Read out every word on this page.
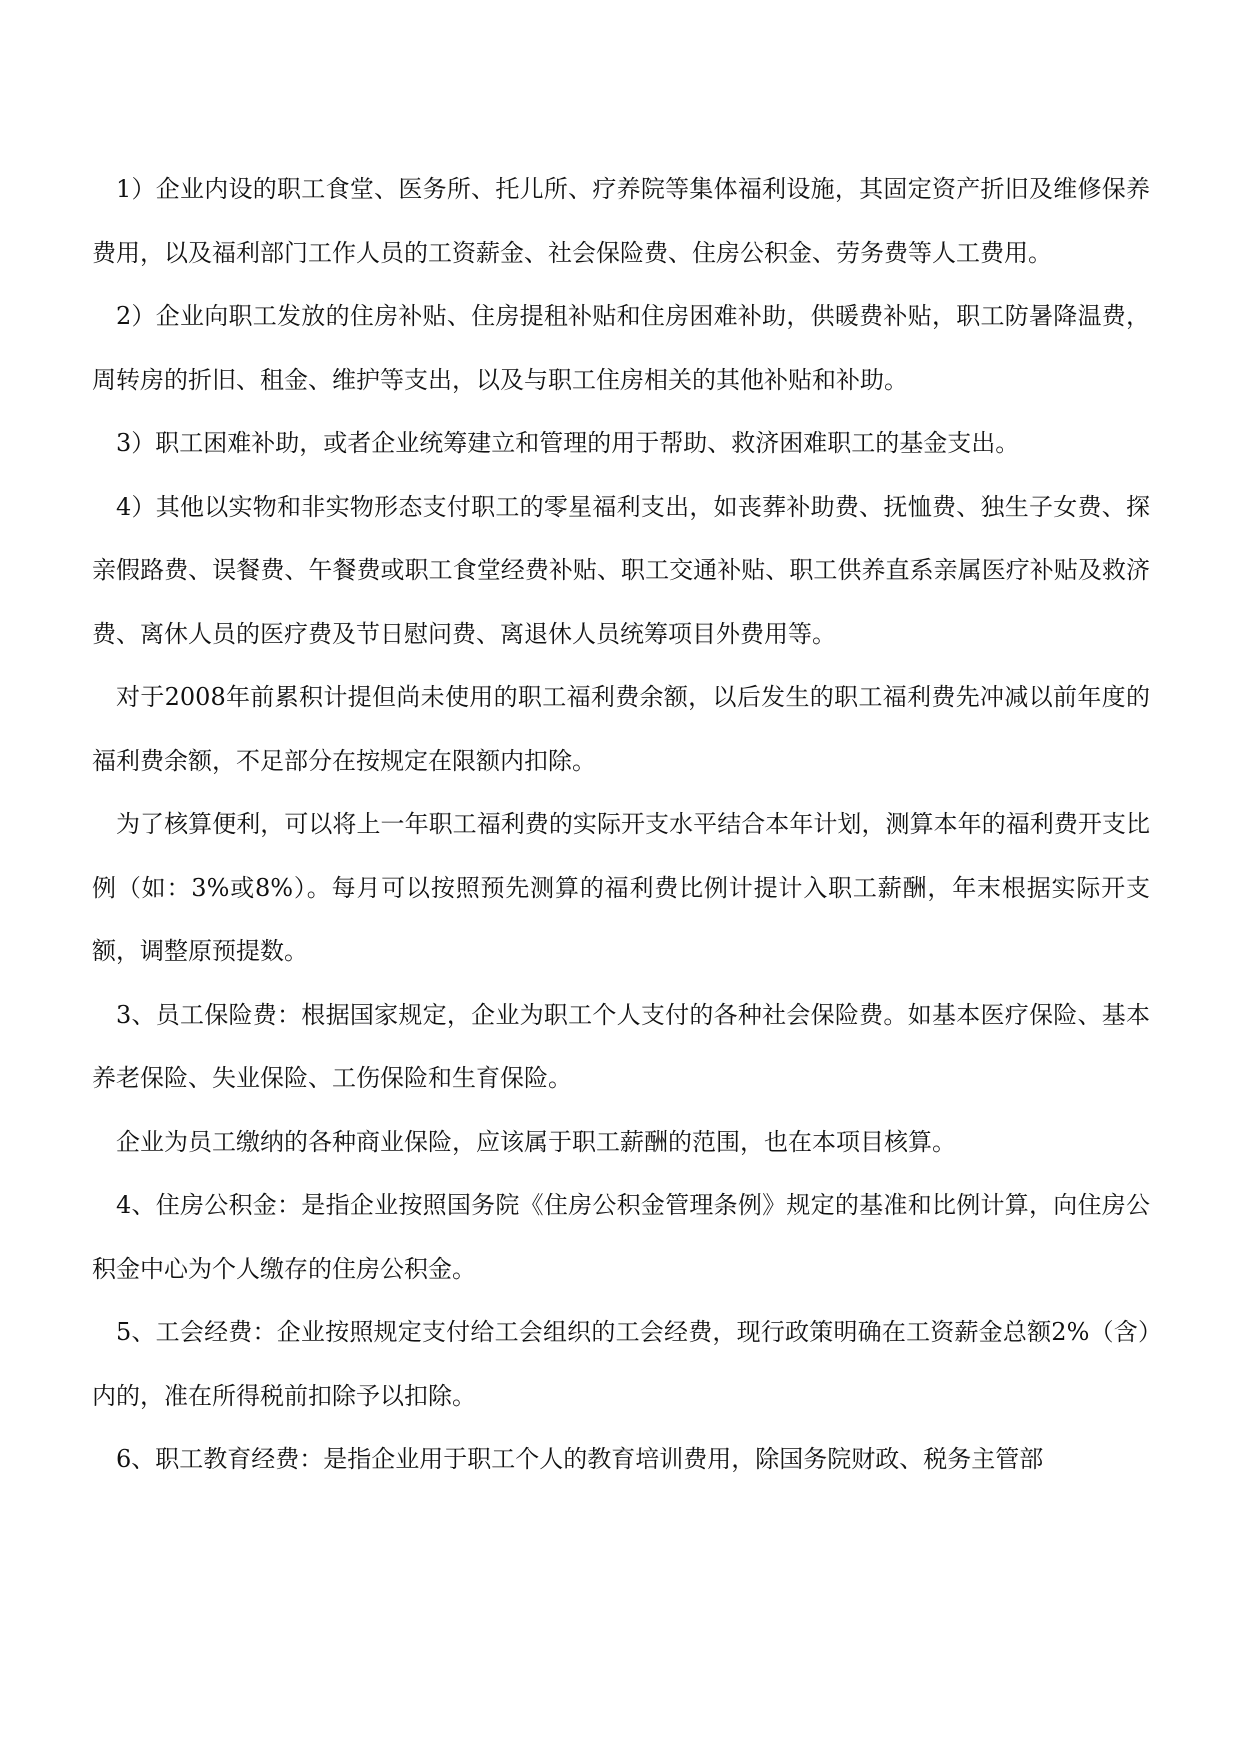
1）企业内设的职工食堂、医务所、托儿所、疗养院等集体福利设施，其固定资产折旧及维修保养费用，以及福利部门工作人员的工资薪金、社会保险费、住房公积金、劳务费等人工费用。

2）企业向职工发放的住房补贴、住房提租补贴和住房困难补助，供暖费补贴，职工防暑降温费，周转房的折旧、租金、维护等支出，以及与职工住房相关的其他补贴和补助。

3）职工困难补助，或者企业统筹建立和管理的用于帮助、救济困难职工的基金支出。

4）其他以实物和非实物形态支付职工的零星福利支出，如丧葬补助费、抚恤费、独生子女费、探亲假路费、误餐费、午餐费或职工食堂经费补贴、职工交通补贴、职工供养直系亲属医疗补贴及救济费、离休人员的医疗费及节日慰问费、离退休人员统筹项目外费用等。

对于2008年前累积计提但尚未使用的职工福利费余额，以后发生的职工福利费先冲减以前年度的福利费余额，不足部分在按规定在限额内扣除。

为了核算便利，可以将上一年职工福利费的实际开支水平结合本年计划，测算本年的福利费开支比例（如：3%或8%）。每月可以按照预先测算的福利费比例计提计入职工薪酬，年末根据实际开支额，调整原预提数。

3、员工保险费：根据国家规定，企业为职工个人支付的各种社会保险费。如基本医疗保险、基本养老保险、失业保险、工伤保险和生育保险。

企业为员工缴纳的各种商业保险，应该属于职工薪酬的范围，也在本项目核算。

4、住房公积金：是指企业按照国务院《住房公积金管理条例》规定的基准和比例计算，向住房公积金中心为个人缴存的住房公积金。

5、工会经费：企业按照规定支付给工会组织的工会经费，现行政策明确在工资薪金总额2%（含）内的，准在所得税前扣除予以扣除。

6、职工教育经费：是指企业用于职工个人的教育培训费用，除国务院财政、税务主管部
